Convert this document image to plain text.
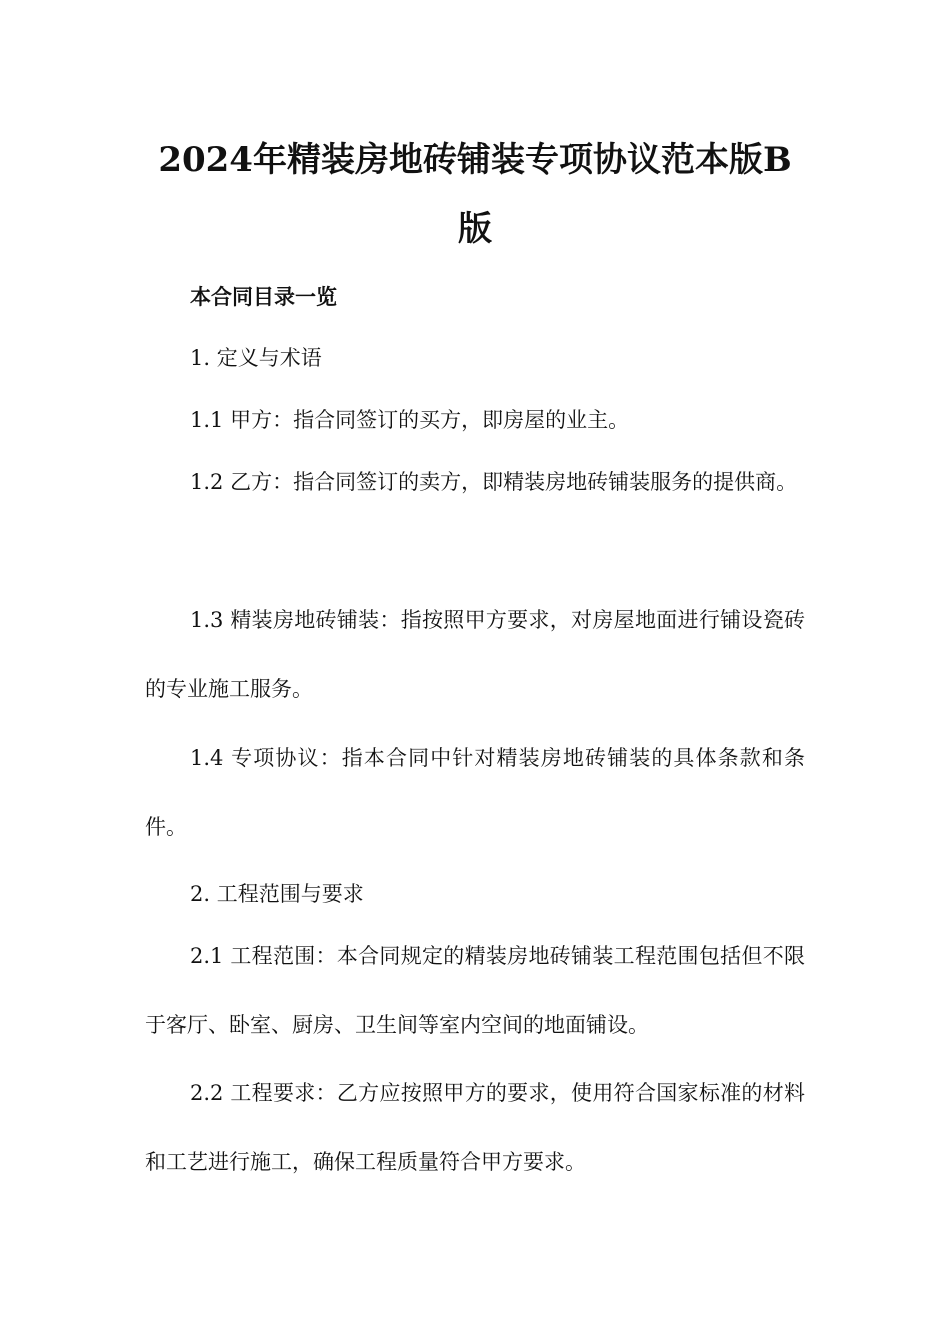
2024年精装房地砖铺装专项协议范本版B版

本合同目录一览

1. 定义与术语

1.1 甲方：指合同签订的买方，即房屋的业主。

1.2 乙方：指合同签订的卖方，即精装房地砖铺装服务的提供商。

1.3 精装房地砖铺装：指按照甲方要求，对房屋地面进行铺设瓷砖的专业施工服务。

1.4 专项协议：指本合同中针对精装房地砖铺装的具体条款和条件。

2. 工程范围与要求

2.1 工程范围：本合同规定的精装房地砖铺装工程范围包括但不限于客厅、卧室、厨房、卫生间等室内空间的地面铺设。

2.2 工程要求：乙方应按照甲方的要求，使用符合国家标准的材料和工艺进行施工，确保工程质量符合甲方要求。
